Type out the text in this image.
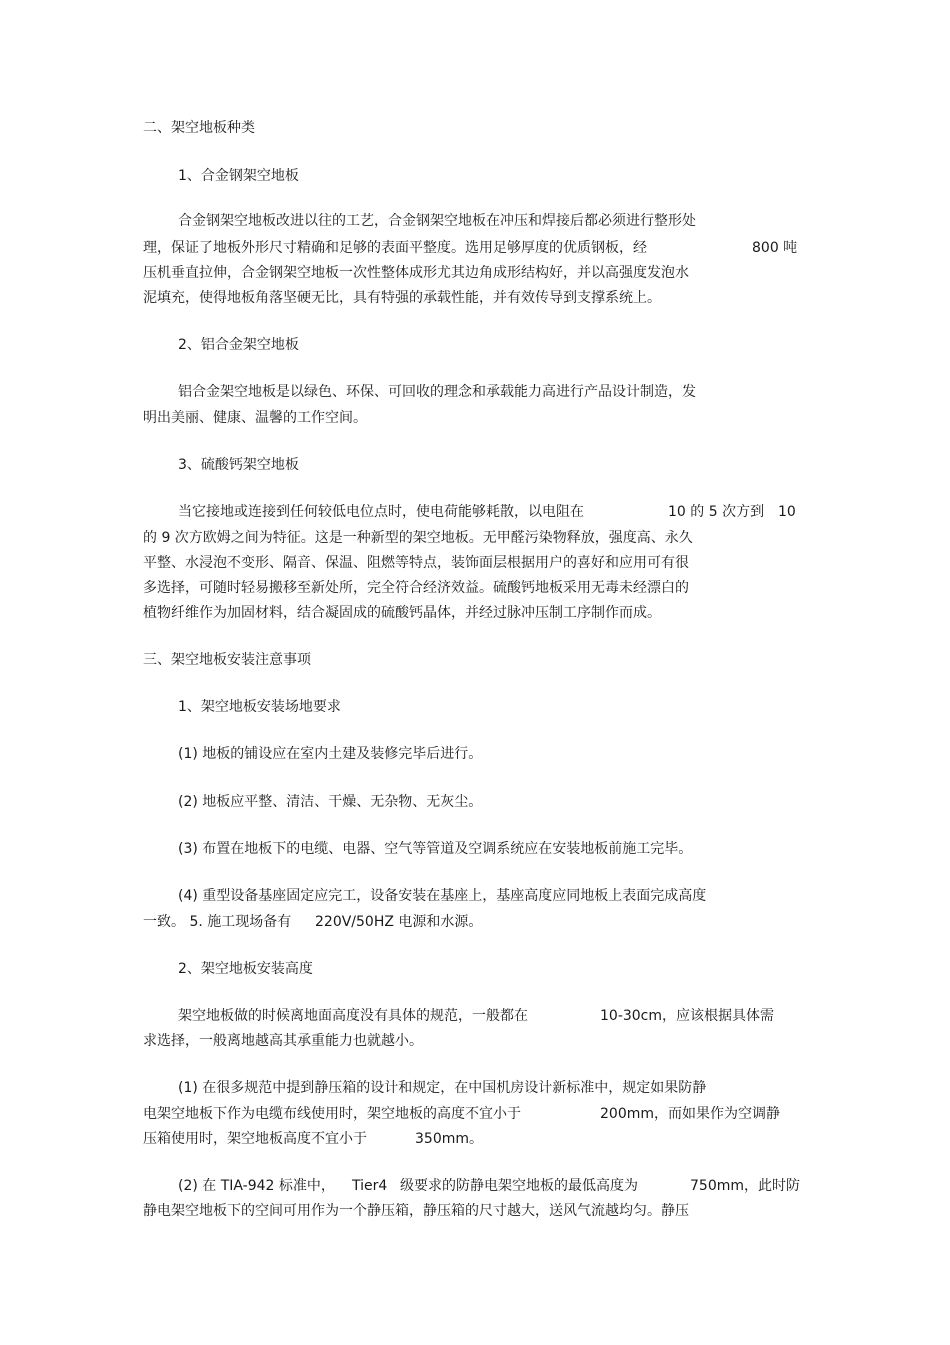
二、架空地板种类
1、合金钢架空地板
合金钢架空地板改进以往的工艺，合金钢架空地板在冲压和焊接后都必须进行整形处
理，保证了地板外形尺寸精确和足够的表面平整度。选用足够厚度的优质钢板，经	800 吨
压机垂直拉伸，合金钢架空地板一次性整体成形尤其边角成形结构好，并以高强度发泡水
泥填充，使得地板角落坚硬无比，具有特强的承载性能，并有效传导到支撑系统上。
2、铝合金架空地板
铝合金架空地板是以绿色、环保、可回收的理念和承载能力高进行产品设计制造，发
明出美丽、健康、温馨的工作空间。
3、硫酸钙架空地板
当它接地或连接到任何较低电位点时，使电荷能够耗散，以电阻在	10 的 5 次方到 10
的 9 次方欧姆之间为特征。这是一种新型的架空地板。无甲醛污染物释放，强度高、永久
平整、水浸泡不变形、隔音、保温、阻燃等特点，装饰面层根据用户的喜好和应用可有很
多选择，可随时轻易搬移至新处所，完全符合经济效益。硫酸钙地板采用无毒未经漂白的
植物纤维作为加固材料，结合凝固成的硫酸钙晶体，并经过脉冲压制工序制作而成。
三、架空地板安装注意事项
1、架空地板安装场地要求
(1) 地板的铺设应在室内土建及装修完毕后进行。
(2) 地板应平整、清洁、干燥、无杂物、无灰尘。
(3) 布置在地板下的电缆、电器、空气等管道及空调系统应在安装地板前施工完毕。
(4) 重型设备基座固定应完工，设备安装在基座上，基座高度应同地板上表面完成高度
一致。 5. 施工现场备有 220V/50HZ 电源和水源。
2、架空地板安装高度
架空地板做的时候离地面高度没有具体的规范，一般都在	10-30cm，应该根据具体需
求选择，一般离地越高其承重能力也就越小。
(1) 在很多规范中提到静压箱的设计和规定，在中国机房设计新标准中，规定如果防静
电架空地板下作为电缆布线使用时，架空地板的高度不宜小于	200mm， 而如果作为空调静
压箱使用时，架空地板高度不宜小于	350mm。
(2) 在 TIA-942 标准中， Tier4 级要求的防静电架空地板的最低高度为	750mm，此时防
静电架空地板下的空间可用作为一个静压箱，静压箱的尺寸越大，送风气流越均匀。静压
